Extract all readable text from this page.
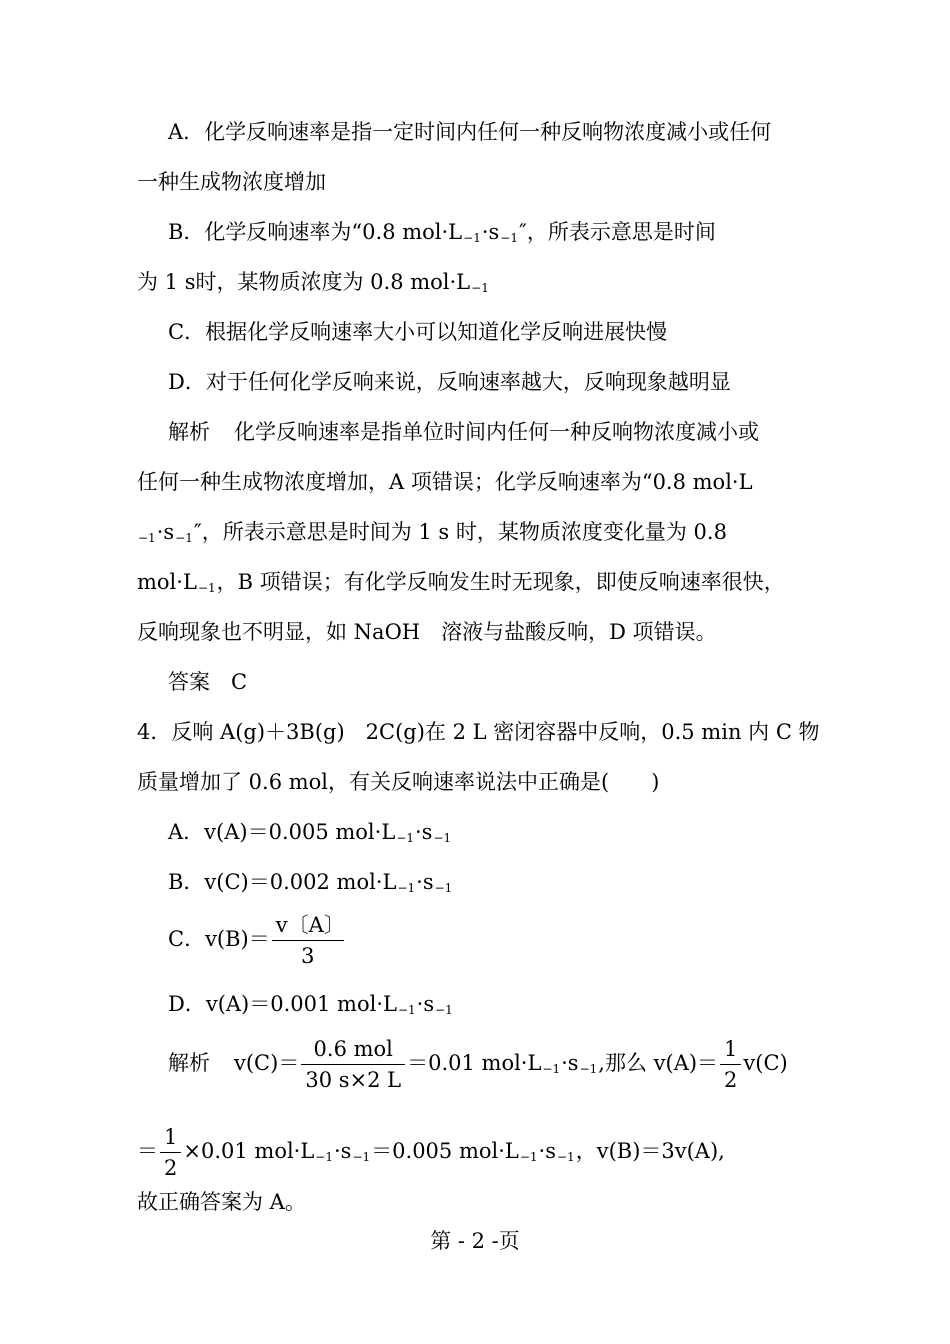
A．化学反响速率是指一定时间内任何一种反响物浓度减小或任何
一种生成物浓度增加
B．化学反响速率为“0.8 mol·L−1·s−1″，所表示意思是时间
为 1 s时，某物质浓度为 0.8 mol·L−1
C．根据化学反响速率大小可以知道化学反响进展快慢
D．对于任何化学反响来说，反响速率越大，反响现象越明显
解析 化学反响速率是指单位时间内任何一种反响物浓度减小或
任何一种生成物浓度增加，A 项错误；化学反响速率为“0.8 mol·L
−1·s−1″，所表示意思是时间为 1 s 时，某物质浓度变化量为 0.8
mol·L−1，B 项错误；有化学反响发生时无现象，即使反响速率很快，
反响现象也不明显，如 NaOH　溶液与盐酸反响，D 项错误。
答案　C
4．反响 A(g)＋3B(g)　2C(g)在 2 L 密闭容器中反响，0.5 min 内 C 物
质量增加了 0.6 mol，有关反响速率说法中正确是(　　)
A．v(A)＝0.005 mol·L−1·s−1
B．v(C)＝0.002 mol·L−1·s−1
C．$v(B)= \frac{v〔A〕}{3}$
D．v(A)＝0.001 mol·L−1·s−1
解析 $v(C)= \frac{\text{0.6 mol}}{30 s\times 2 L} =0.01$ mol·L−1·s−1,那么 $v(A)= \frac{1}{2} v(C)$
＝ $\frac{1}{2} \times 0.01$ mol·L−1·s−1＝0.005 mol·L−1·s−1，v(B)＝3v(A),
故正确答案为 A。
第 - 2 -页
